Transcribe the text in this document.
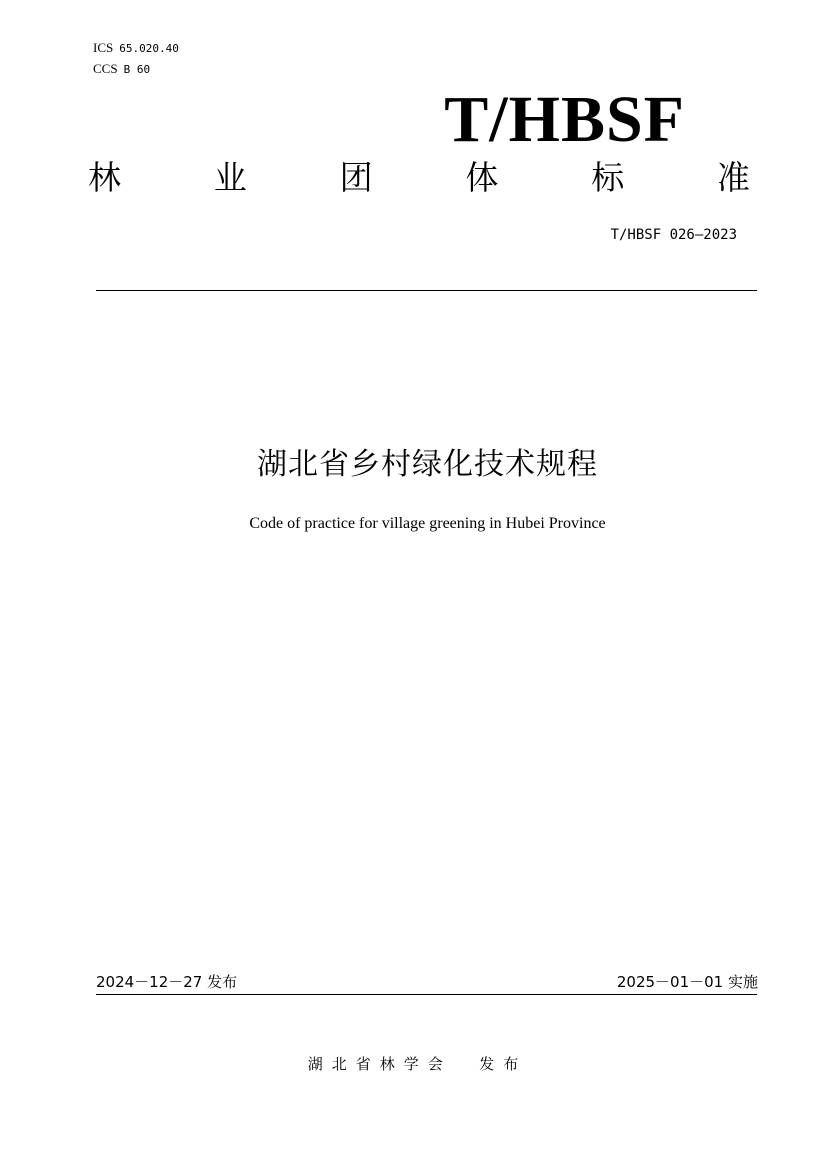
ICS 65.020.40
CCS B 60
T/HBSF
林	业	团	体	标	准
T/HBSF 026—2023
湖北省乡村绿化技术规程
Code of practice for village greening in Hubei Province
2024－12－27 发布	2025－01－01 实施
湖北省林学会  发布
